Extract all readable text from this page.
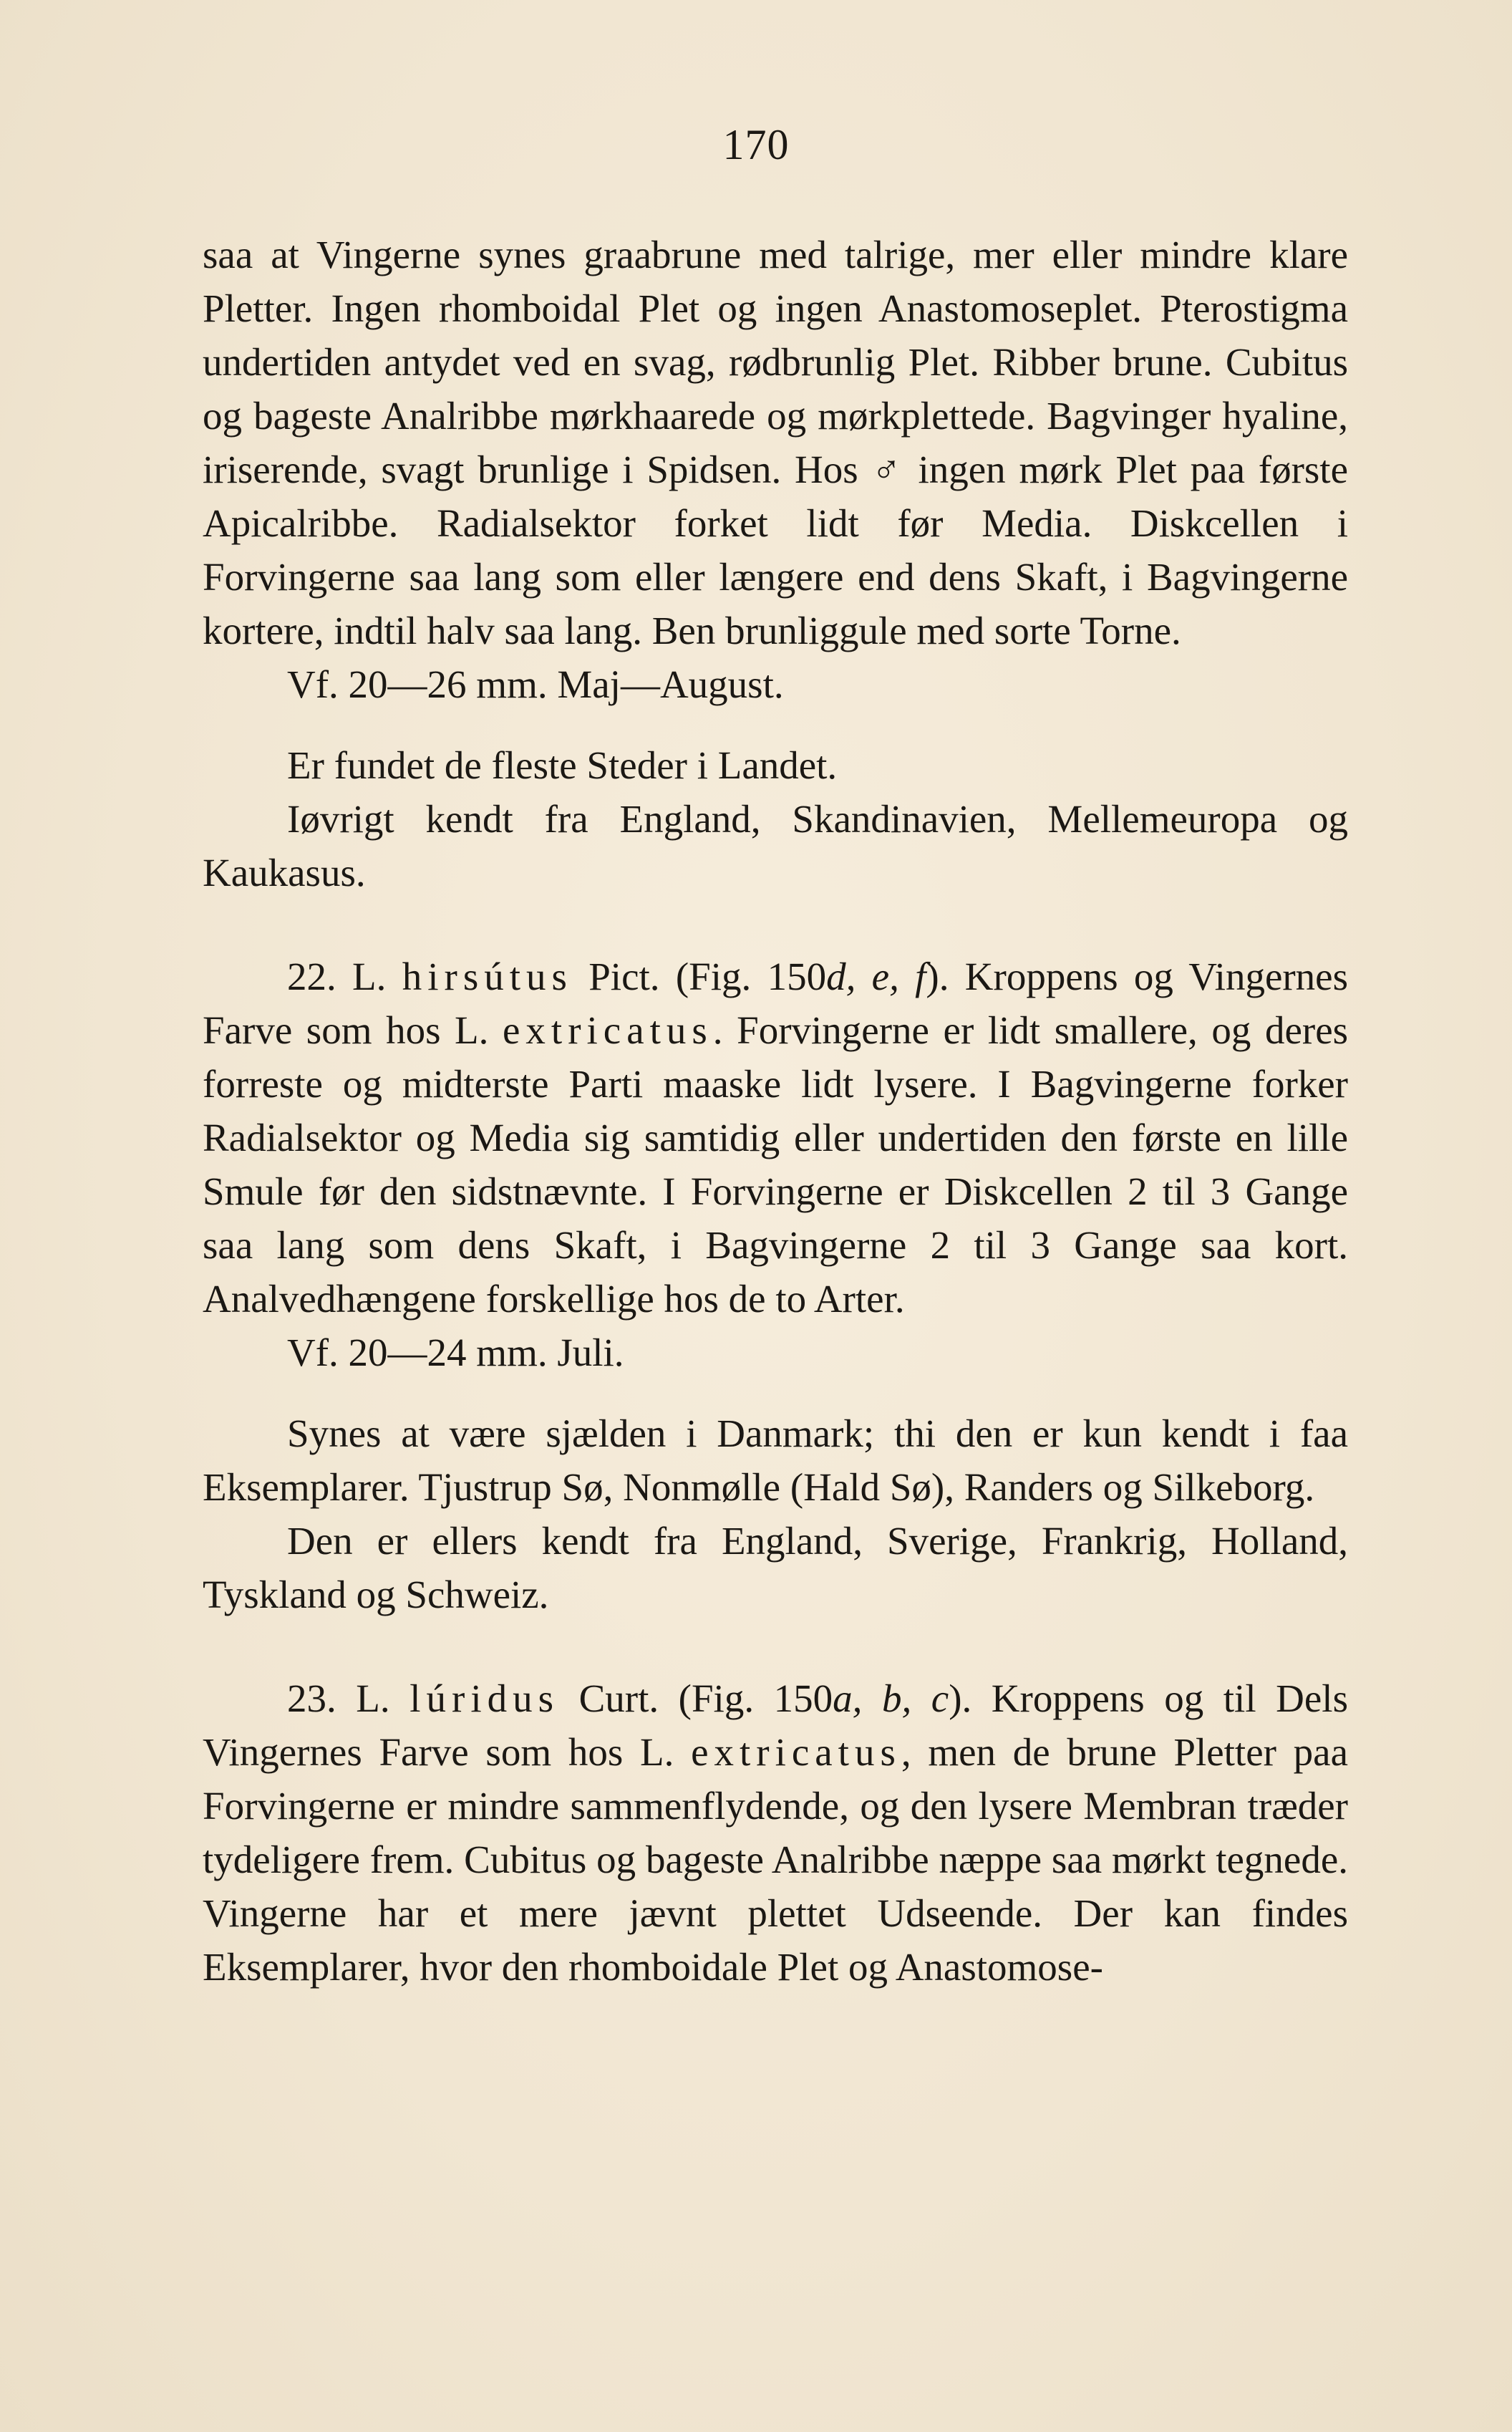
170

saa at Vingerne synes graabrune med talrige, mer eller mindre klare Pletter. Ingen rhomboidal Plet og ingen Anastomoseplet. Pterostigma undertiden antydet ved en svag, rødbrunlig Plet. Ribber brune. Cubitus og bageste Analribbe mørkhaarede og mørkplettede. Bagvinger hyaline, iriserende, svagt brunlige i Spidsen. Hos ♂ ingen mørk Plet paa første Apicalribbe. Radialsektor forket lidt før Media. Diskcellen i Forvingerne saa lang som eller længere end dens Skaft, i Bagvingerne kortere, indtil halv saa lang. Ben brunliggule med sorte Torne.

Vf. 20—26 mm. Maj—August.

Er fundet de fleste Steder i Landet.

Iøvrigt kendt fra England, Skandinavien, Mellemeuropa og Kaukasus.

22. L. hirsútus Pict. (Fig. 150d, e, f). Kroppens og Vingernes Farve som hos L. extricatus. Forvingerne er lidt smallere, og deres forreste og midterste Parti maaske lidt lysere. I Bagvingerne forker Radialsektor og Media sig samtidig eller undertiden den første en lille Smule før den sidstnævnte. I Forvingerne er Diskcellen 2 til 3 Gange saa lang som dens Skaft, i Bagvingerne 2 til 3 Gange saa kort. Analvedhængene forskellige hos de to Arter.

Vf. 20—24 mm. Juli.

Synes at være sjælden i Danmark; thi den er kun kendt i faa Eksemplarer. Tjustrup Sø, Nonmølle (Hald Sø), Randers og Silkeborg.

Den er ellers kendt fra England, Sverige, Frankrig, Holland, Tyskland og Schweiz.

23. L. lúridus Curt. (Fig. 150a, b, c). Kroppens og til Dels Vingernes Farve som hos L. extricatus, men de brune Pletter paa Forvingerne er mindre sammenflydende, og den lysere Membran træder tydeligere frem. Cubitus og bageste Analribbe næppe saa mørkt tegnede. Vingerne har et mere jævnt plettet Udseende. Der kan findes Eksemplarer, hvor den rhomboidale Plet og Anastomose-
